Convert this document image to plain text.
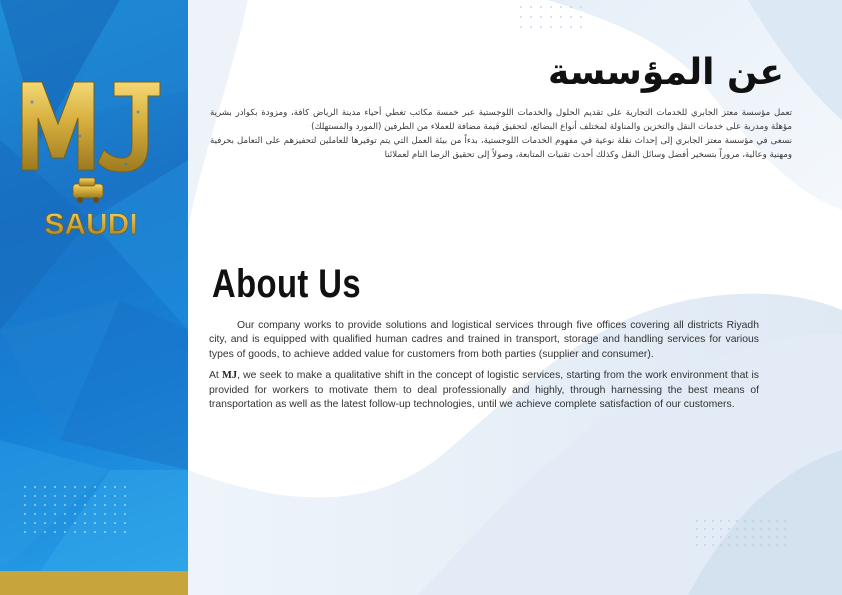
SAUDI
عن المؤسسة

تعمل مؤسسة معتز الجابري للخدمات التجارية على تقديم الحلول والخدمات اللوجستية عبر خمسة مكاتب تغطي أحياء مدينة الرياض كافة، ومزودة بكوادر بشرية مؤهلة ومدربة على خدمات النقل والتخزين والمناولة لمختلف أنواع البضائع، لتحقيق قيمة مضافة للعملاء من الطرفين (المورد والمستهلك)

نسعى في مؤسسة معتز الجابري إلى إحداث نقلة نوعية في مفهوم الخدمات اللوجستية، بدءاً من بيئة العمل التي يتم توفيرها للعاملين لتحفيزهم على التعامل بحرفية ومهنية وعالية، مروراً بتسخير أفضل وسائل النقل وكذلك أحدث تقنيات المتابعة، وصولاً إلى تحقيق الرضا التام لعملائنا

About Us

Our company works to provide solutions and logistical services through five offices covering all districts Riyadh city, and is equipped with qualified human cadres and trained in transport, storage and handling services for various types of goods, to achieve added value for customers from both parties (supplier and consumer).

At MJ, we seek to make a qualitative shift in the concept of logistic services, starting from the work environment that is provided for workers to motivate them to deal professionally and highly, through harnessing the best means of transportation as well as the latest follow-up technologies, until we achieve complete satisfaction of our customers.
